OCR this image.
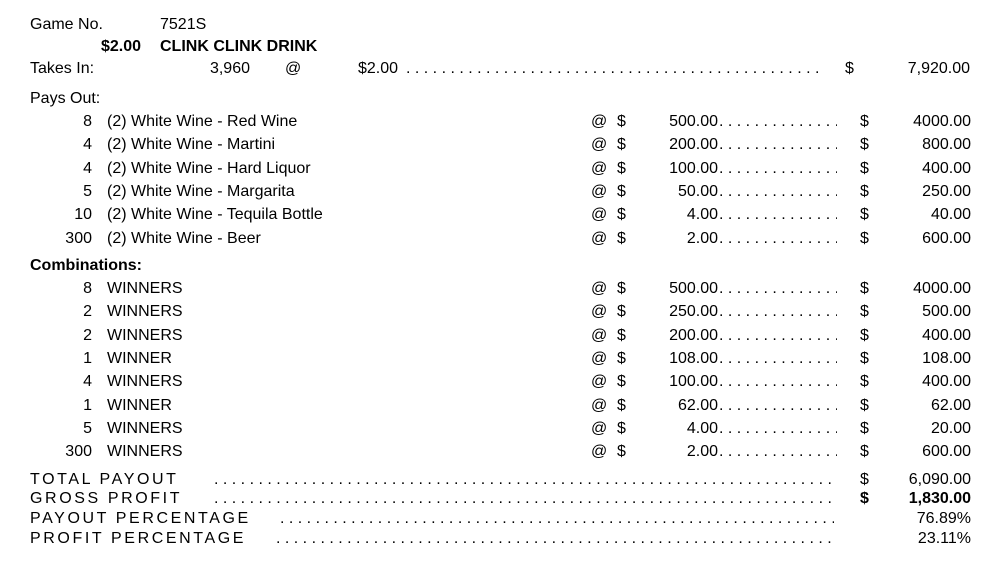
Game No.	7521S
$2.00 CLINK CLINK DRINK
Takes In:	3,960 @	$2.00 . . .	$	7,920.00
Pays Out:
8 (2) White Wine - Red Wine	@ $	500.00 . . .	$	4000.00
4 (2) White Wine - Martini	@ $	200.00 . . .	$	800.00
4 (2) White Wine - Hard Liquor	@ $	100.00 . . .	$	400.00
5 (2) White Wine - Margarita	@ $	50.00 . . .	$	250.00
10 (2) White Wine - Tequila Bottle	@ $	4.00 . . .	$	40.00
300 (2) White Wine - Beer	@ $	2.00 . . .	$	600.00
Combinations:
8 WINNERS	@ $	500.00 . . .	$	4000.00
2 WINNERS	@ $	250.00 . . .	$	500.00
2 WINNERS	@ $	200.00 . . .	$	400.00
1 WINNER	@ $	108.00 . . .	$	108.00
4 WINNERS	@ $	100.00 . . .	$	400.00
1 WINNER	@ $	62.00 . . .	$	62.00
5 WINNERS	@ $	4.00 . . .	$	20.00
300 WINNERS	@ $	2.00 . . .	$	600.00
TOTAL PAYOUT . . .	$	6,090.00
GROSS PROFIT . . .	$	1,830.00
PAYOUT PERCENTAGE . . .	76.89%
PROFIT PERCENTAGE . . .	23.11%
